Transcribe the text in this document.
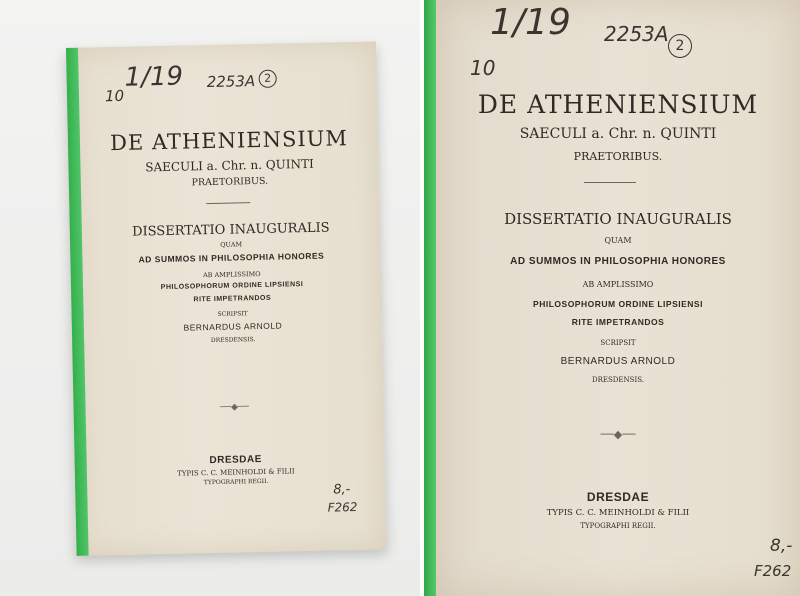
1/19
10
2253A 2
DE ATHENIENSIUM
SAECULI a. Chr. n. QUINTI
PRAETORIBUS.
DISSERTATIO INAUGURALIS
QUAM
AD SUMMOS IN PHILOSOPHIA HONORES
AB AMPLISSIMO
PHILOSOPHORUM ORDINE LIPSIENSI
RITE IMPETRANDOS
SCRIPSIT
BERNARDUS ARNOLD
DRESDENSIS.
──◆──
DRESDAE
TYPIS C. C. MEINHOLDI & FILII
TYPOGRAPHI REGII.
8,-
F262
1/19
10
2253A 2
DE ATHENIENSIUM
SAECULI a. Chr. n. QUINTI
PRAETORIBUS.
DISSERTATIO INAUGURALIS
QUAM
AD SUMMOS IN PHILOSOPHIA HONORES
AB AMPLISSIMO
PHILOSOPHORUM ORDINE LIPSIENSI
RITE IMPETRANDOS
SCRIPSIT
BERNARDUS ARNOLD
DRESDENSIS.
──◆──
DRESDAE
TYPIS C. C. MEINHOLDI & FILII
TYPOGRAPHI REGII.
8,-
F262
